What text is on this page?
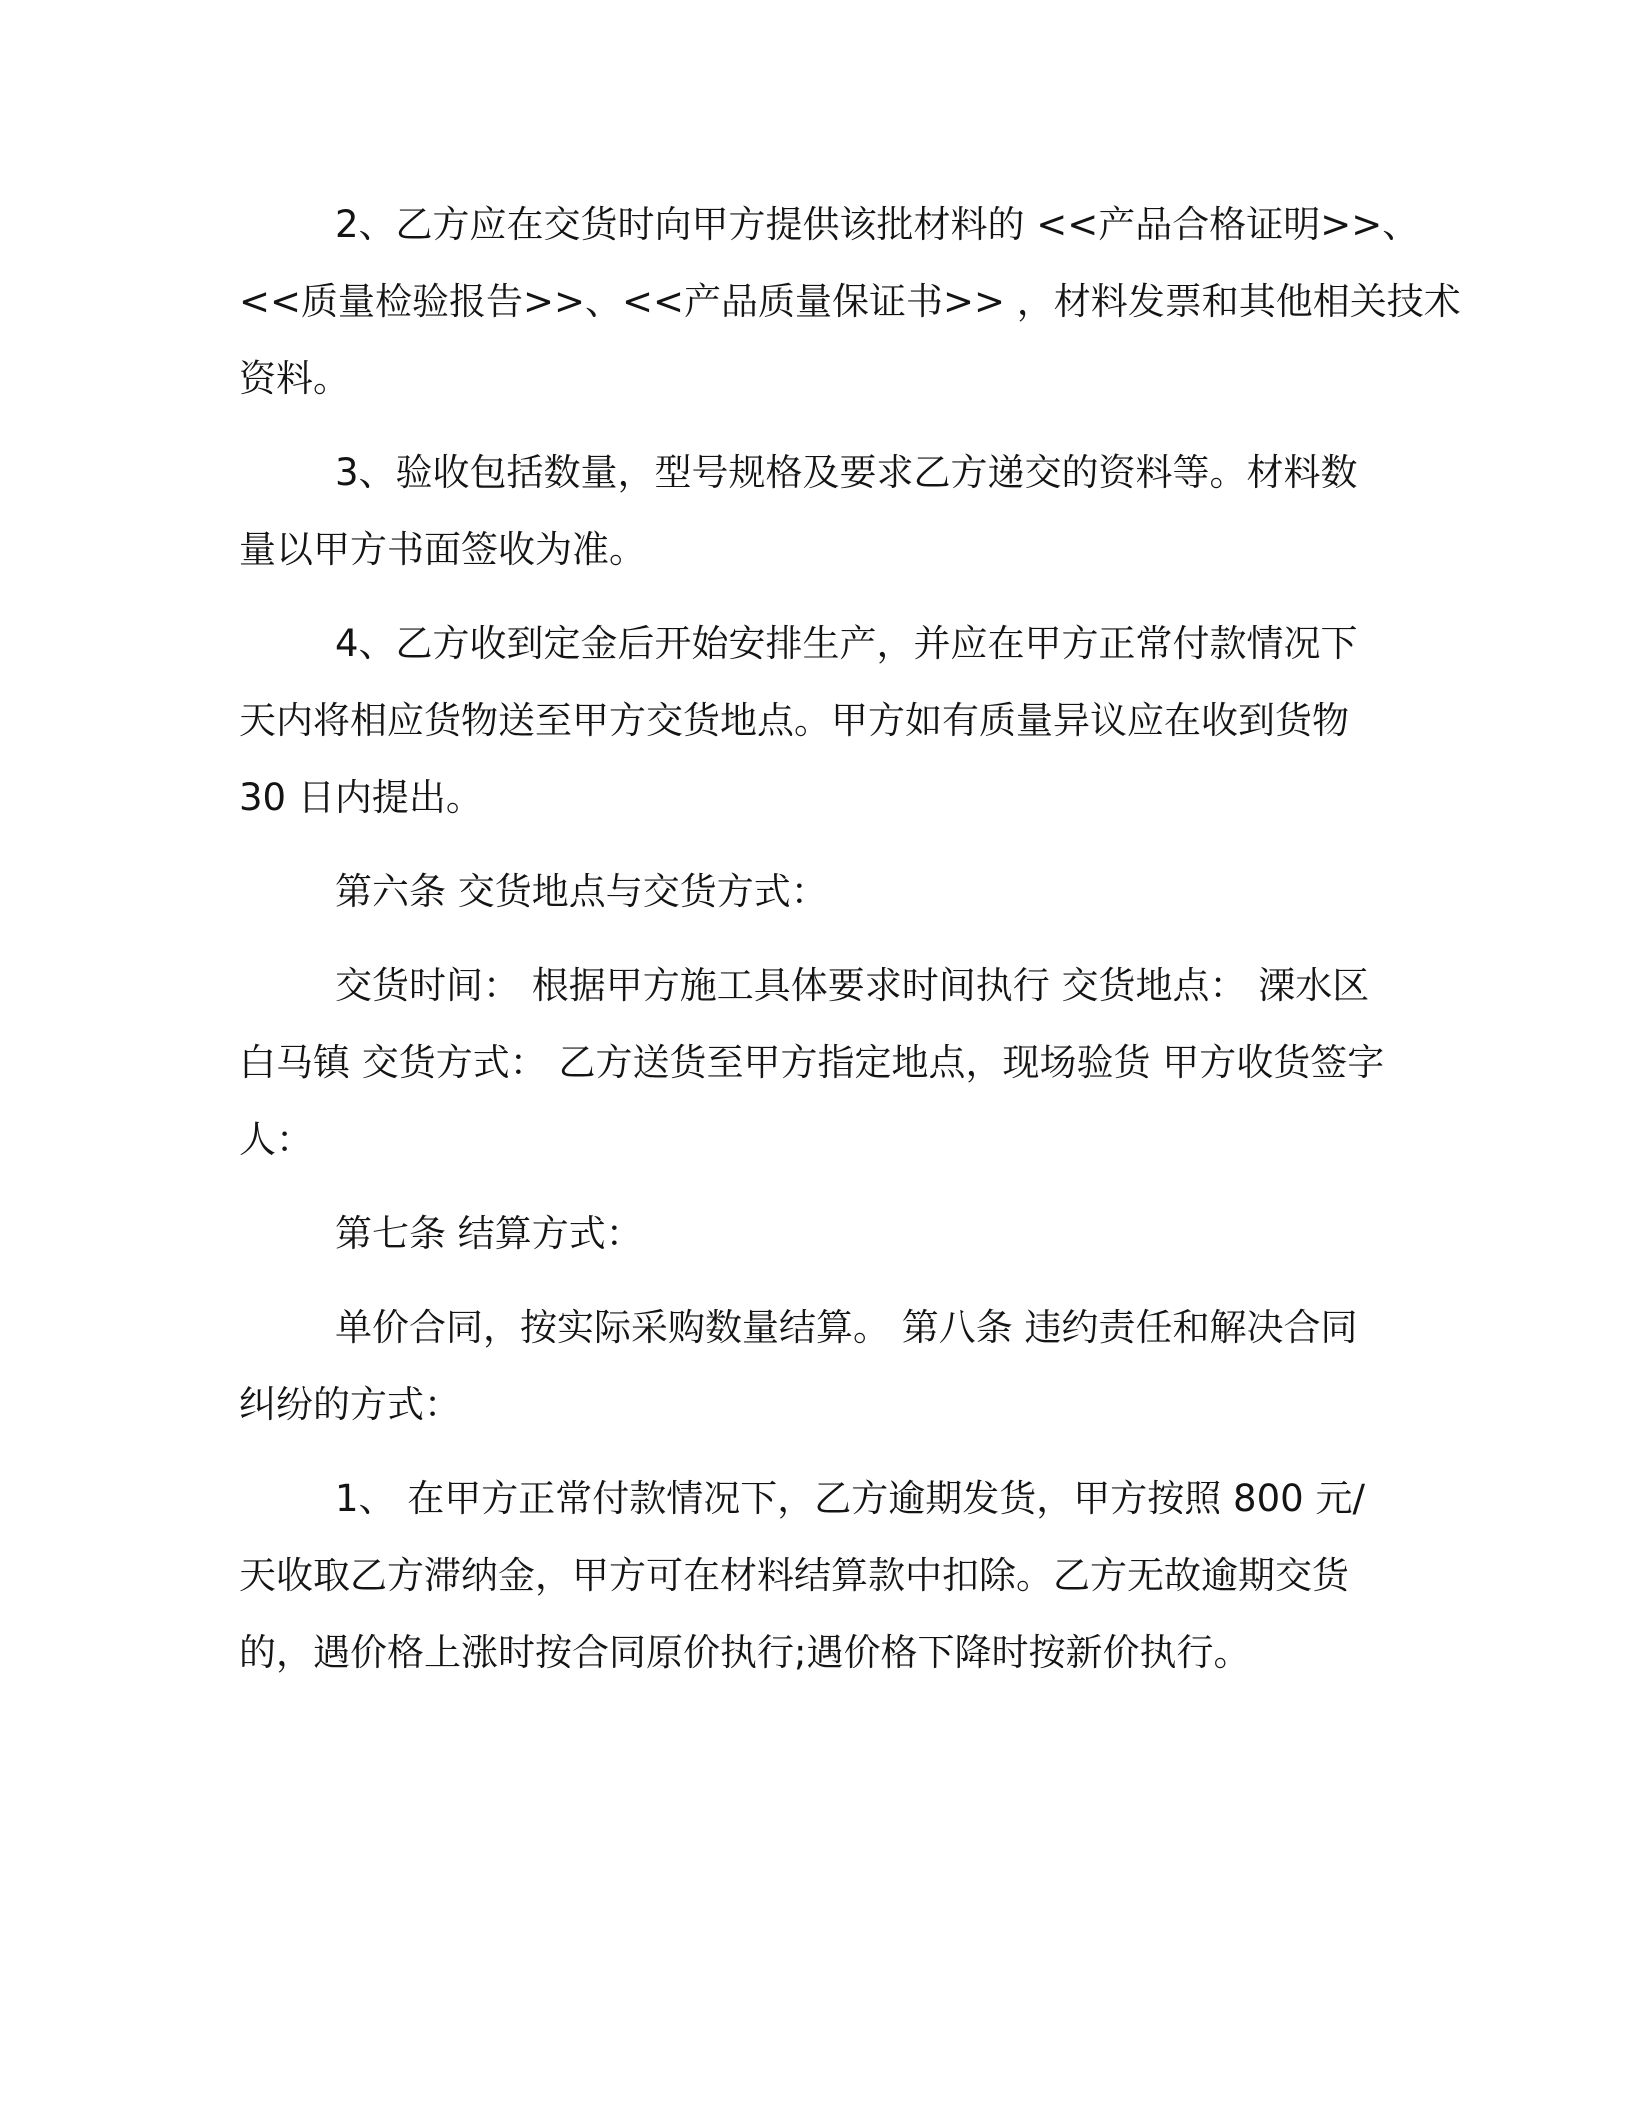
2、乙方应在交货时向甲方提供该批材料的 <<产品合格证明>>、
<<质量检验报告>>、<<产品质量保证书>> ，材料发票和其他相关技术
资料。

3、验收包括数量，型号规格及要求乙方递交的资料等。材料数
量以甲方书面签收为准。

4、乙方收到定金后开始安排生产，并应在甲方正常付款情况下
天内将相应货物送至甲方交货地点。甲方如有质量异议应在收到货物
30 日内提出。

第六条 交货地点与交货方式：

交货时间： 根据甲方施工具体要求时间执行 交货地点： 溧水区
白马镇 交货方式： 乙方送货至甲方指定地点，现场验货 甲方收货签字
人：

第七条 结算方式：

单价合同，按实际采购数量结算。 第八条 违约责任和解决合同
纠纷的方式：

1、 在甲方正常付款情况下，乙方逾期发货，甲方按照 800 元/
天收取乙方滞纳金，甲方可在材料结算款中扣除。乙方无故逾期交货
的，遇价格上涨时按合同原价执行;遇价格下降时按新价执行。
